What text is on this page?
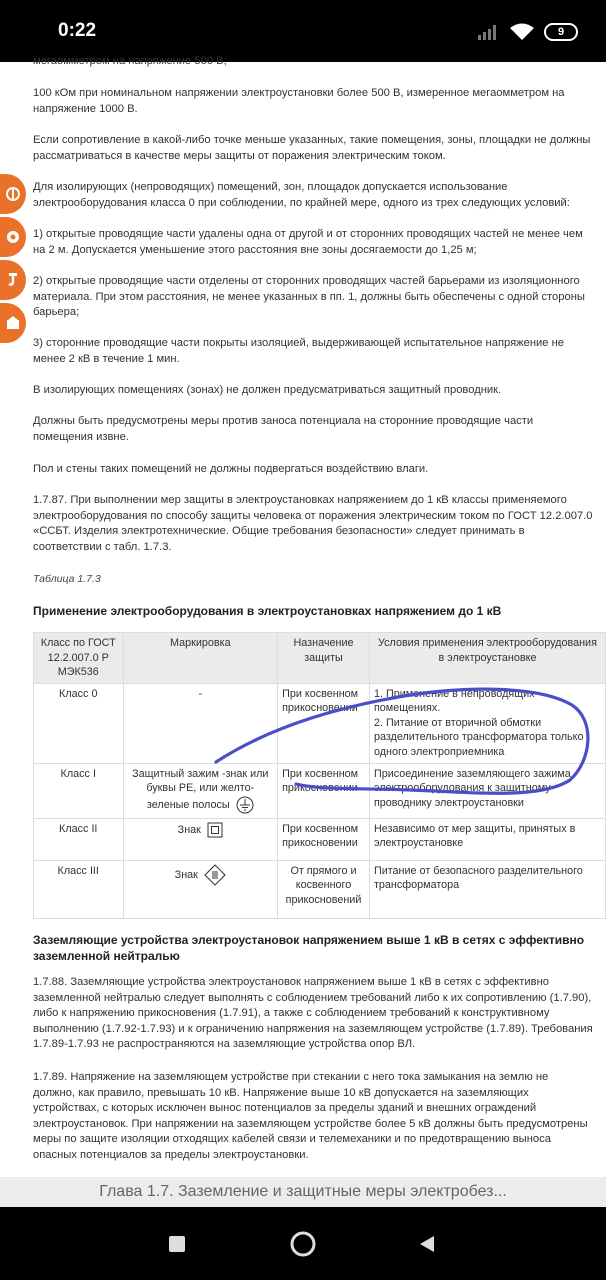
0:22	9

мегаомметром на напряжение 500 В;

100 кОм при номинальном напряжении электроустановки более 500 В, измеренное мегаомметром на напряжение 1000 В.

Если сопротивление в какой-либо точке меньше указанных, такие помещения, зоны, площадки не должны рассматриваться в качестве меры защиты от поражения электрическим током.

Для изолирующих (непроводящих) помещений, зон, площадок допускается использование электрооборудования класса 0 при соблюдении, по крайней мере, одного из трех следующих условий:

1) открытые проводящие части удалены одна от другой и от сторонних проводящих частей не менее чем на 2 м. Допускается уменьшение этого расстояния вне зоны досягаемости до 1,25 м;

2) открытые проводящие части отделены от сторонних проводящих частей барьерами из изоляционного материала. При этом расстояния, не менее указанных в пп. 1, должны быть обеспечены с одной стороны барьера;

3) сторонние проводящие части покрыты изоляцией, выдерживающей испытательное напряжение не менее 2 кВ в течение 1 мин.

В изолирующих помещениях (зонах) не должен предусматриваться защитный проводник.

Должны быть предусмотрены меры против заноса потенциала на сторонние проводящие части помещения извне.

Пол и стены таких помещений не должны подвергаться воздействию влаги.

1.7.87. При выполнении мер защиты в электроустановках напряжением до 1 кВ классы применяемого электрооборудования по способу защиты человека от поражения электрическим током по ГОСТ 12.2.007.0 «ССБТ. Изделия электротехнические. Общие требования безопасности» следует принимать в соответствии с табл. 1.7.3.

Таблица 1.7.3
Применение электрооборудования в электроустановках напряжением до 1 кВ
Класс по ГОСТ 12.2.007.0 Р МЭК536	Маркировка	Назначение защиты	Условия применения электрооборудования в электроустановке
Класс 0	-	При косвенном прикосновении	1. Применение в непроводящих помещениях.
2. Питание от вторичной обмотки разделительного трансформатора только одного электроприемника
Класс I	Защитный зажим -знак или буквы PE, или желто-зеленые полосы	При косвенном прикосновении	Присоединение заземляющего зажима электрооборудования к защитному проводнику электроустановки
Класс II	Знак	При косвенном прикосновении	Независимо от мер защиты, принятых в электроустановке
Класс III	Знак	От прямого и косвенного прикосновений	Питание от безопасного разделительного трансформатора
Заземляющие устройства электроустановок напряжением выше 1 кВ в сетях с эффективно заземленной нейтралью

1.7.88. Заземляющие устройства электроустановок напряжением выше 1 кВ в сетях с эффективно заземленной нейтралью следует выполнять с соблюдением требований либо к их сопротивлению (1.7.90), либо к напряжению прикосновения (1.7.91), а также с соблюдением требований к конструктивному выполнению (1.7.92-1.7.93) и к ограничению напряжения на заземляющем устройстве (1.7.89). Требования 1.7.89-1.7.93 не распространяются на заземляющие устройства опор ВЛ.

1.7.89. Напряжение на заземляющем устройстве при стекании с него тока замыкания на землю не должно, как правило, превышать 10 кВ. Напряжение выше 10 кВ допускается на заземляющих устройствах, с которых исключен вынос потенциалов за пределы зданий и внешних ограждений электроустановок. При напряжении на заземляющем устройстве более 5 кВ должны быть предусмотрены меры по защите изоляции отходящих кабелей связи и телемеханики и по предотвращению выноса опасных потенциалов за пределы электроустановки.

Глава 1.7. Заземление и защитные меры электробез...
